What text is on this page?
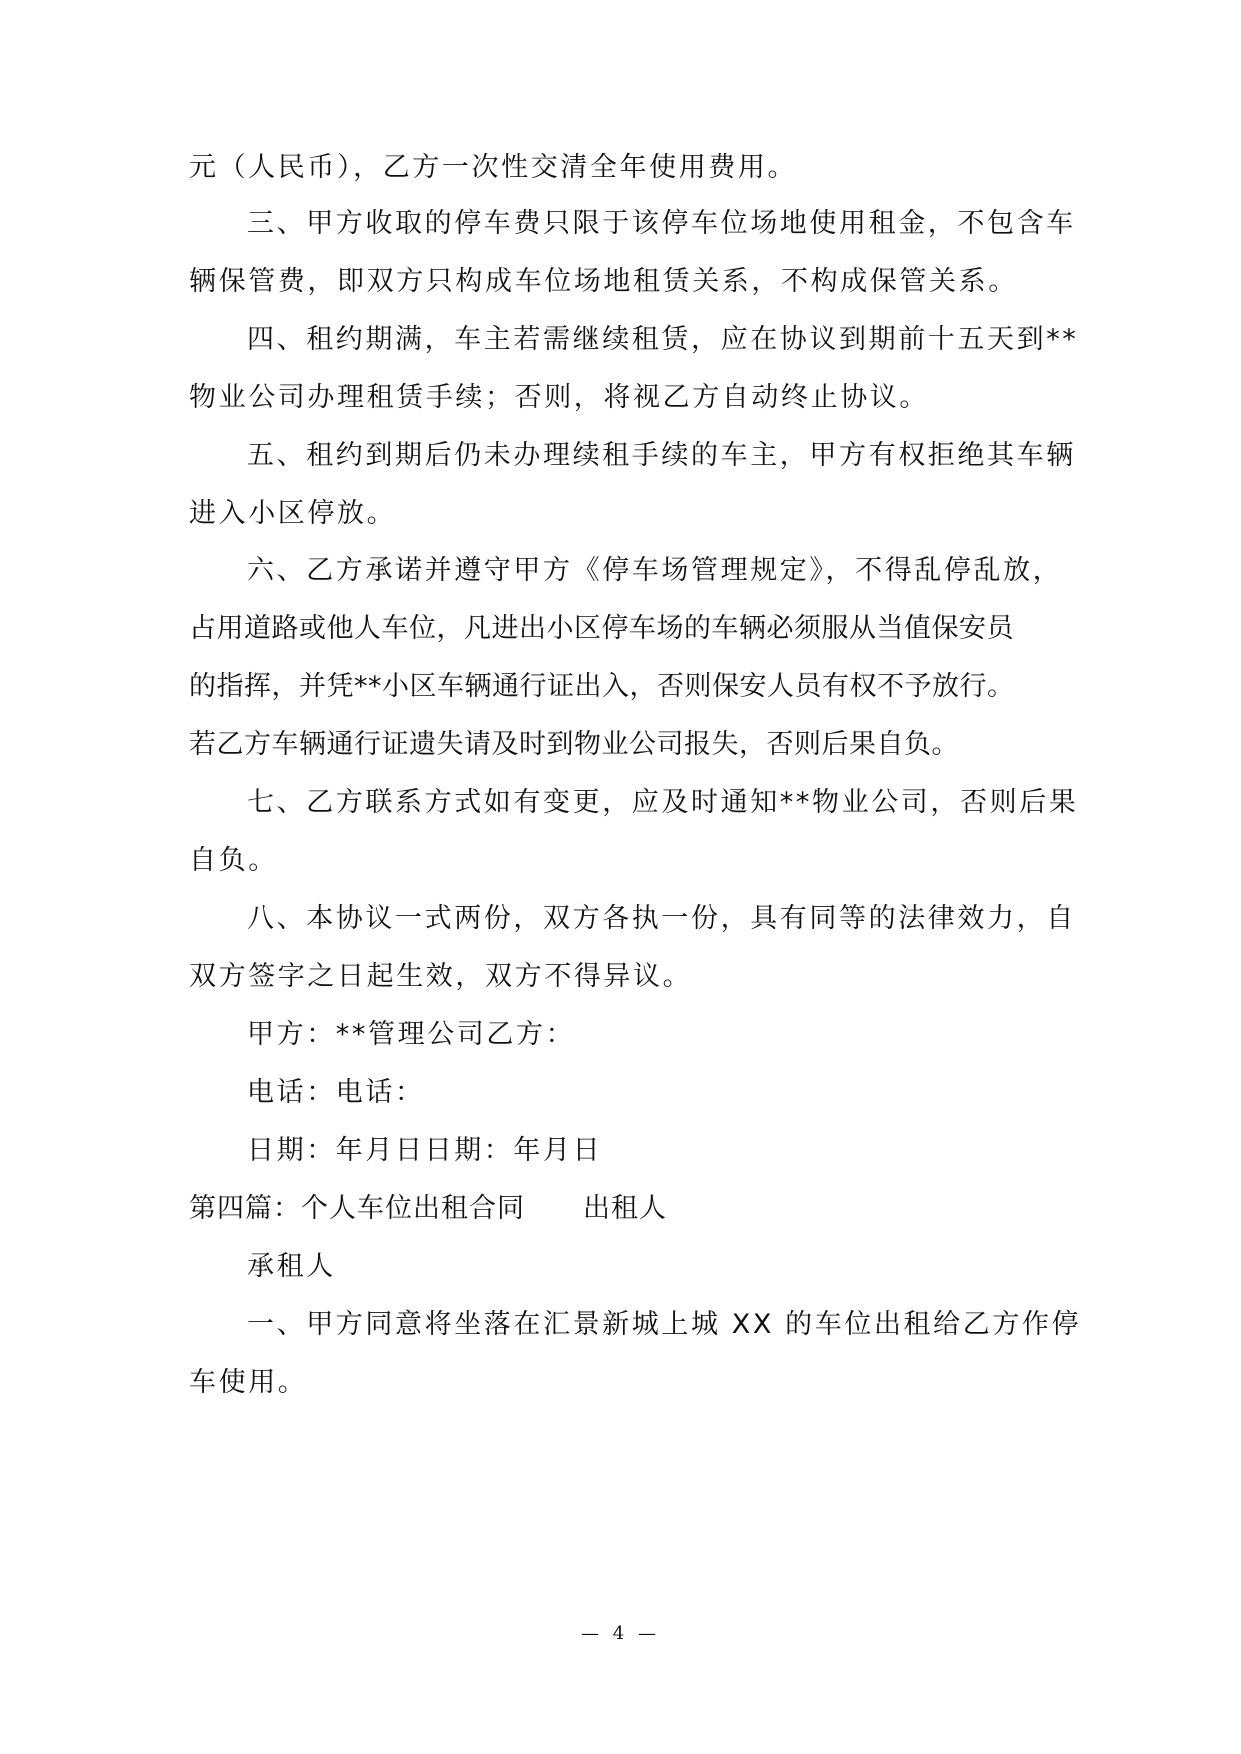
元（人民币），乙方一次性交清全年使用费用。
三、甲方收取的停车费只限于该停车位场地使用租金，不包含车
辆保管费，即双方只构成车位场地租赁关系，不构成保管关系。
四、租约期满，车主若需继续租赁，应在协议到期前十五天到**
物业公司办理租赁手续；否则，将视乙方自动终止协议。
五、租约到期后仍未办理续租手续的车主，甲方有权拒绝其车辆
进入小区停放。
六、乙方承诺并遵守甲方《停车场管理规定》，不得乱停乱放，
占用道路或他人车位，凡进出小区停车场的车辆必须服从当值保安员
的指挥，并凭**小区车辆通行证出入，否则保安人员有权不予放行。
若乙方车辆通行证遗失请及时到物业公司报失，否则后果自负。
七、乙方联系方式如有变更，应及时通知**物业公司，否则后果
自负。
八、本协议一式两份，双方各执一份，具有同等的法律效力，自
双方签字之日起生效，双方不得异议。
甲方：**管理公司乙方：
电话：电话：
日期：年月日日期：年月日
第四篇：个人车位出租合同 出租人
承租人
一、甲方同意将坐落在汇景新城上城 XX 的车位出租给乙方作停
车使用。
— 4 —
